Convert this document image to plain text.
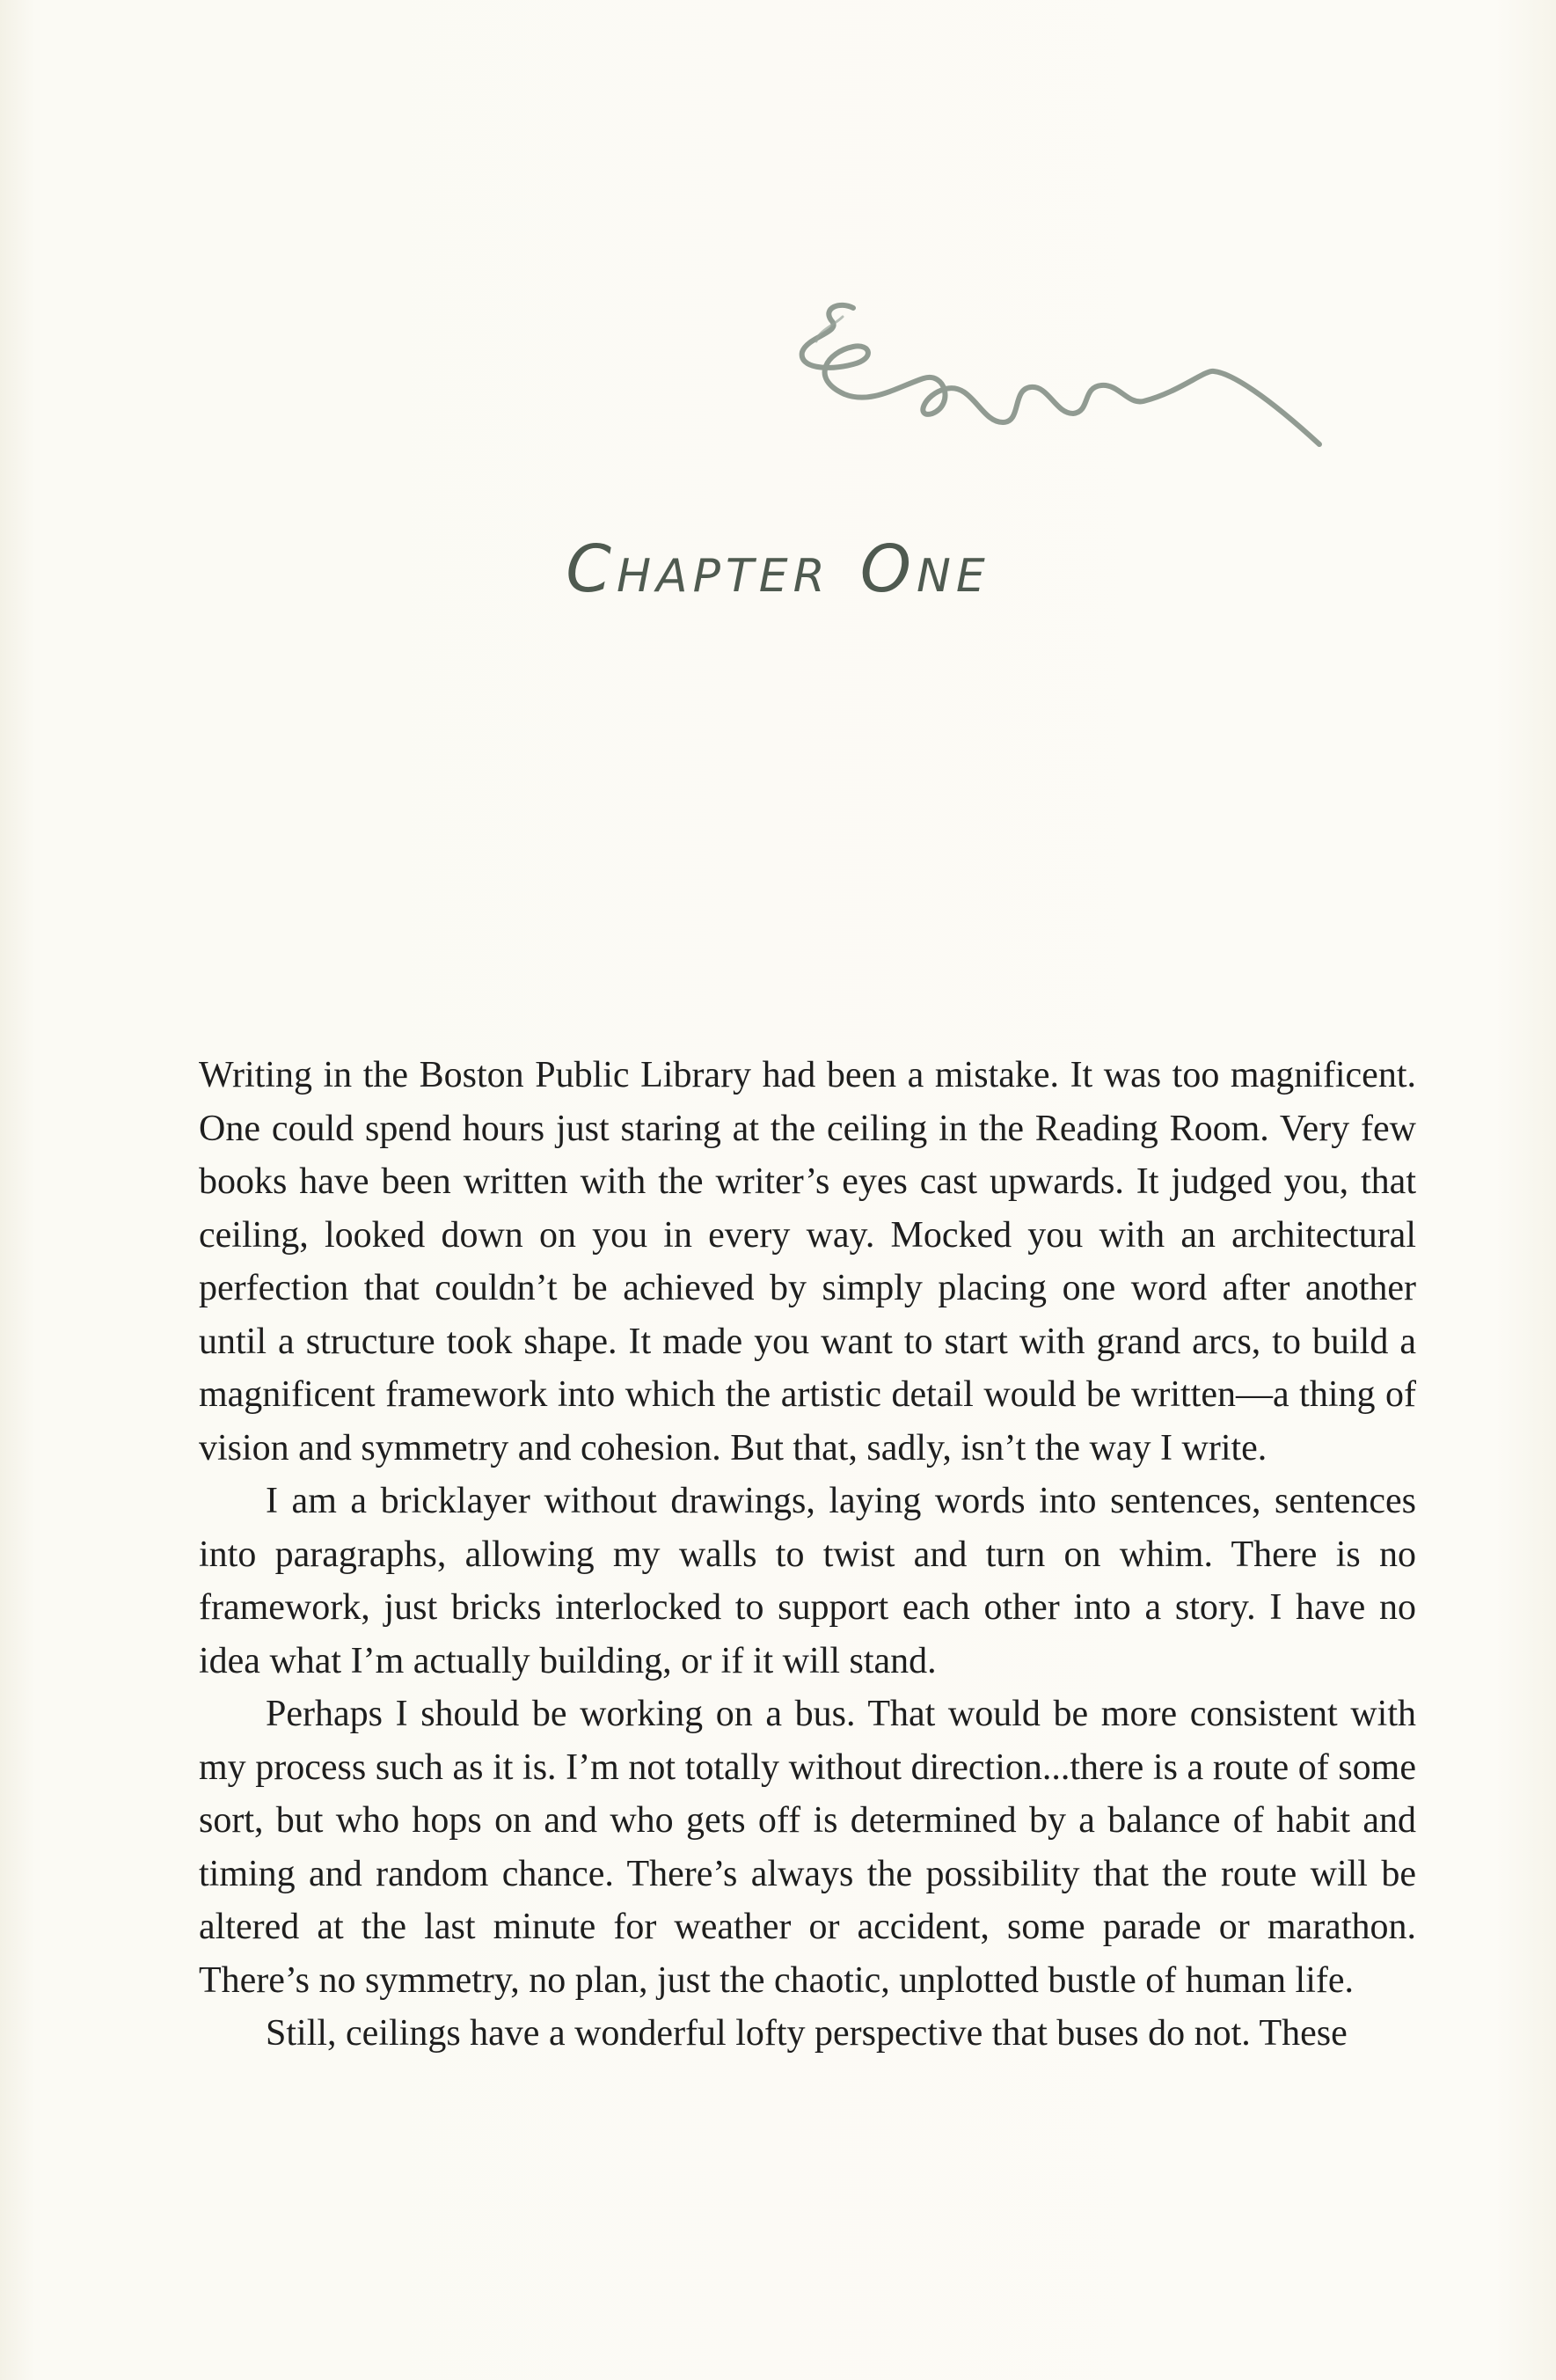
CHAPTER ONE

Writing in the Boston Public Library had been a mistake. It was too magnificent. One could spend hours just staring at the ceiling in the Reading Room. Very few books have been written with the writer’s eyes cast upwards. It judged you, that ceiling, looked down on you in every way. Mocked you with an architectural perfection that couldn’t be achieved by simply placing one word after another until a structure took shape. It made you want to start with grand arcs, to build a magnificent framework into which the artistic detail would be written—a thing of vision and symmetry and cohesion. But that, sadly, isn’t the way I write.

I am a bricklayer without drawings, laying words into sentences, sentences into paragraphs, allowing my walls to twist and turn on whim. There is no framework, just bricks interlocked to support each other into a story. I have no idea what I’m actually building, or if it will stand.

Perhaps I should be working on a bus. That would be more consistent with my process such as it is. I’m not totally without direction...there is a route of some sort, but who hops on and who gets off is determined by a balance of habit and timing and random chance. There’s always the possibility that the route will be altered at the last minute for weather or accident, some parade or marathon. There’s no symmetry, no plan, just the chaotic, unplotted bustle of human life.

Still, ceilings have a wonderful lofty perspective that buses do not. These
